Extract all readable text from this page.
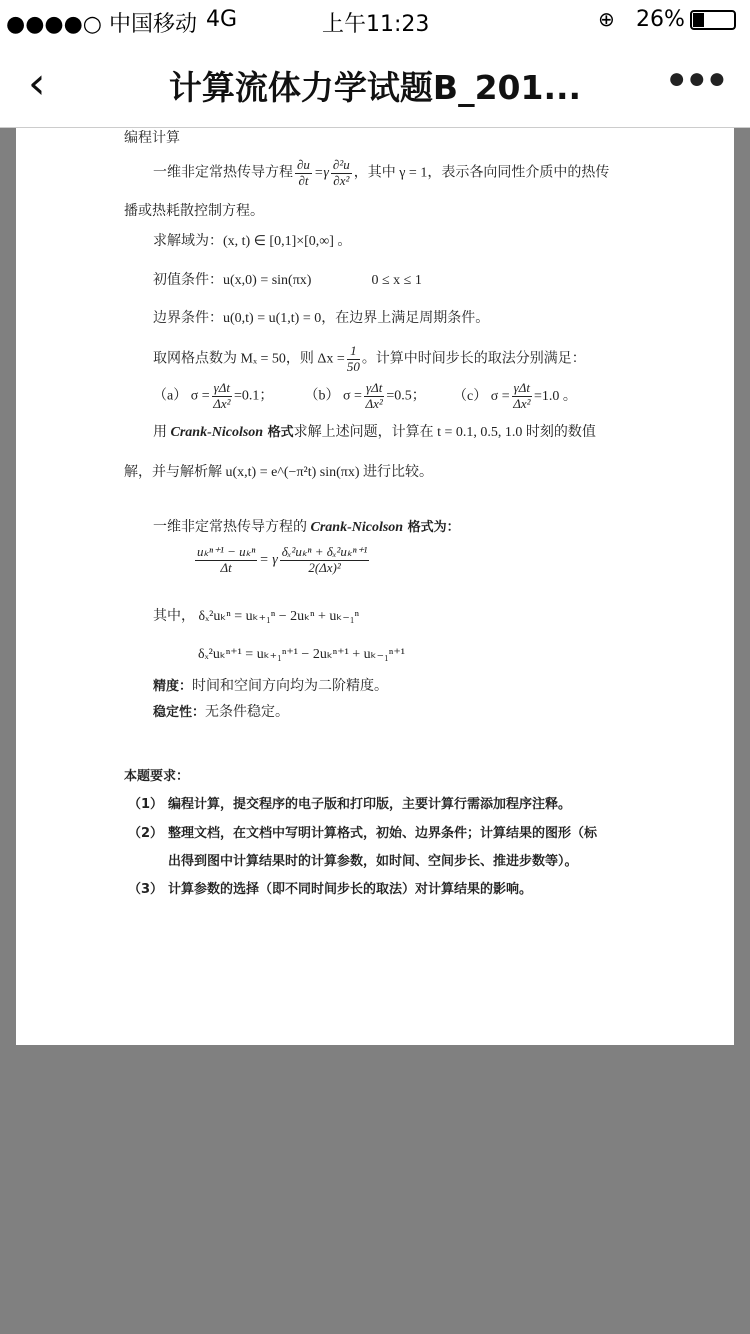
●●●●○ 中国移动 4G	上午11:23	⊕ 26%
‹	计算流体力学试题B_201...	●●●
编程计算
一维非定常热传导方程 $\frac{\partial u}{\partial t} =\gamma \frac{\text{∂²u}}{\text{∂x²}}$ ，其中 γ = 1，表示各向同性介质中的热传
播或热耗散控制方程。
求解域为：(x, t) ∈ [0,1]×[0,∞] 。
初值条件：u(x,0) = sin(πx)	0 ≤ x ≤ 1
边界条件：u(0,t) = u(1,t) = 0，在边界上满足周期条件。
取网格点数为 Mₓ = 50，则 $\Delta x = \frac{1}{50}$ 。计算中时间步长的取法分别满足：
（a） σ =
γΔt
Δx² =0.1； （b） σ =
γΔt
Δx² =0.5； （c） σ =
γΔt
Δx² =1.0 。
用 Crank-Nicolson 格式求解上述问题，计算在 t = 0.1, 0.5, 1.0 时刻的数值
解，并与解析解 u(x,t) = e^(−π²t) sin(πx) 进行比较。
一维非定常热传导方程的 Crank-Nicolson 格式为：
uₖⁿ⁺¹ − uₖⁿ
Δt	= γ
δₓ²uₖⁿ + δₓ²uₖⁿ⁺¹
2(Δx)²
其中， δₓ²uₖⁿ = uₖ₊₁ⁿ − 2uₖⁿ + uₖ₋₁ⁿ
δₓ²uₖⁿ⁺¹ = uₖ₊₁ⁿ⁺¹ − 2uₖⁿ⁺¹ + uₖ₋₁ⁿ⁺¹
精度：时间和空间方向均为二阶精度。
稳定性：无条件稳定。
本题要求：
（1） 编程计算，提交程序的电子版和打印版，主要计算行需添加程序注释。
（2） 整理文档，在文档中写明计算格式，初始、边界条件；计算结果的图形（标
出得到图中计算结果时的计算参数，如时间、空间步长、推进步数等）。
（3） 计算参数的选择（即不同时间步长的取法）对计算结果的影响。
